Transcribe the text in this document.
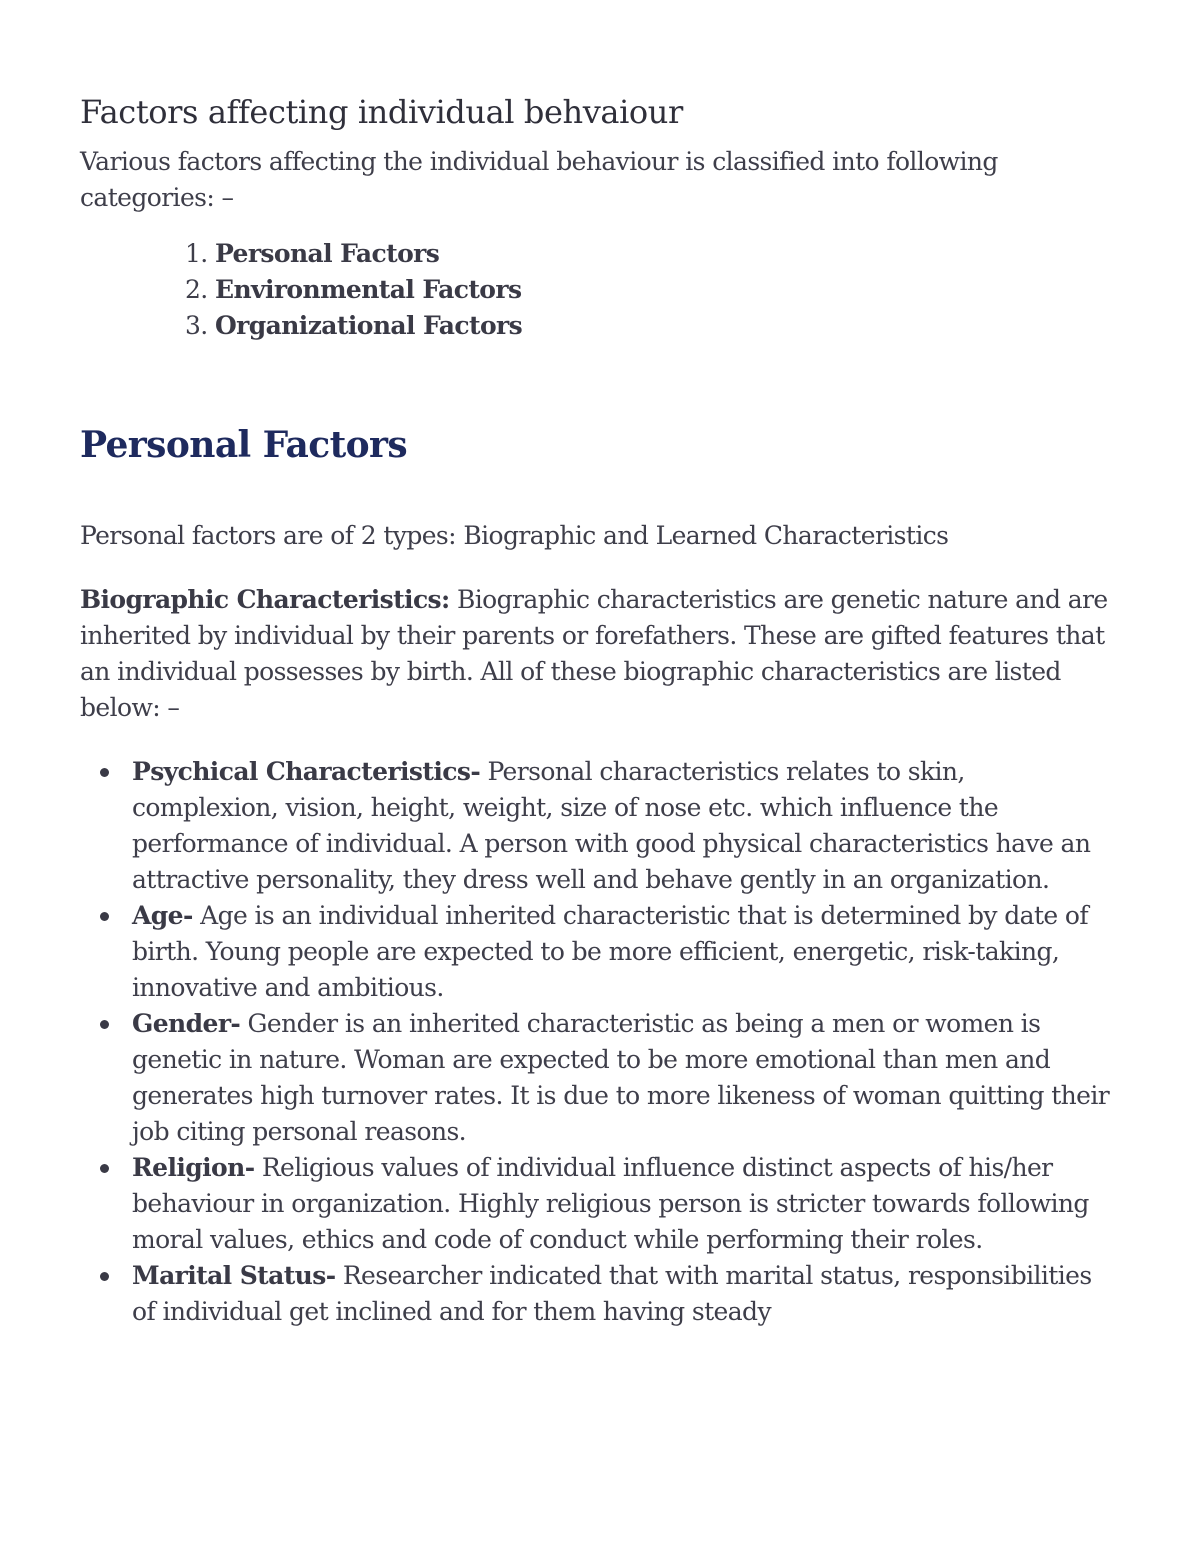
Factors affecting individual behvaiour

Various factors affecting the individual behaviour is classified into following categories: –

1. Personal Factors
2. Environmental Factors
3. Organizational Factors
Personal Factors

Personal factors are of 2 types: Biographic and Learned Characteristics

Biographic Characteristics: Biographic characteristics are genetic nature and are inherited by individual by their parents or forefathers. These are gifted features that an individual possesses by birth. All of these biographic characteristics are listed below: –

Psychical Characteristics- Personal characteristics relates to skin, complexion, vision, height, weight, size of nose etc. which influence the performance of individual. A person with good physical characteristics have an attractive personality, they dress well and behave gently in an organization.
Age- Age is an individual inherited characteristic that is determined by date of birth. Young people are expected to be more efficient, energetic, risk-taking, innovative and ambitious.
Gender- Gender is an inherited characteristic as being a men or women is genetic in nature. Woman are expected to be more emotional than men and generates high turnover rates. It is due to more likeness of woman quitting their job citing personal reasons.
Religion- Religious values of individual influence distinct aspects of his/her behaviour in organization. Highly religious person is stricter towards following moral values, ethics and code of conduct while performing their roles.
Marital Status- Researcher indicated that with marital status, responsibilities of individual get inclined and for them having steady
